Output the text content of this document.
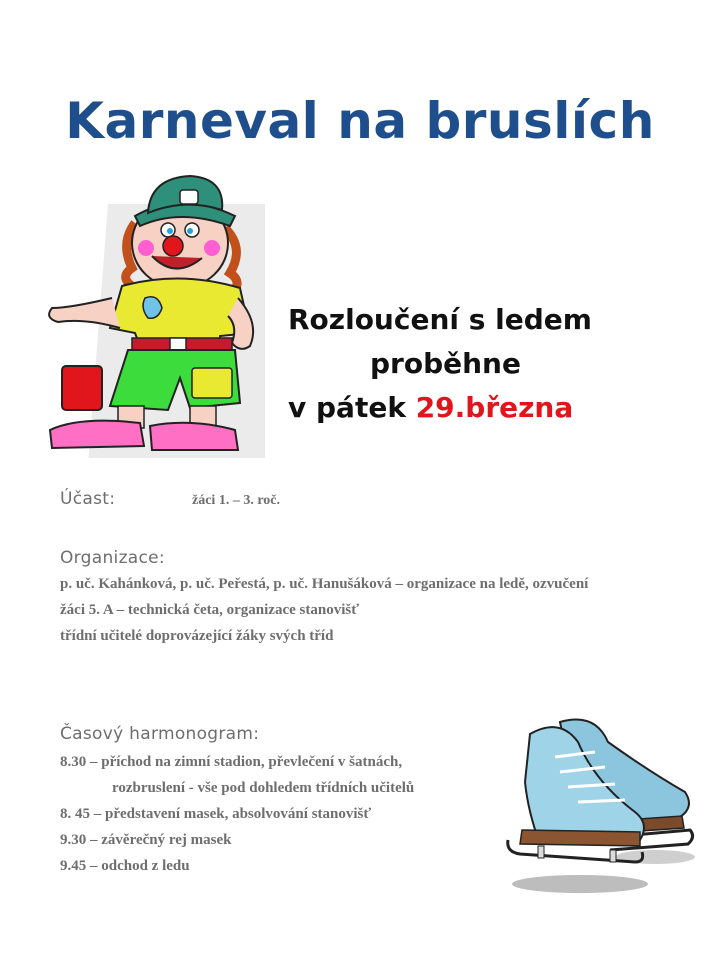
Karneval na bruslích
Rozloučení s ledem
proběhne
v pátek 29.března
Účast:	žáci 1. – 3. roč.
Organizace:
p. uč. Kahánková, p. uč. Peřestá, p. uč. Hanušáková – organizace na ledě, ozvučení
žáci 5. A – technická četa, organizace stanovišť
třídní učitelé doprovázející žáky svých tříd
Časový harmonogram:
8.30 – příchod na zimní stadion, převlečení v šatnách,
rozbruslení - vše pod dohledem třídních učitelů
8. 45 – představení masek, absolvování stanovišť
9.30 – závěrečný rej masek
9.45 – odchod z ledu
